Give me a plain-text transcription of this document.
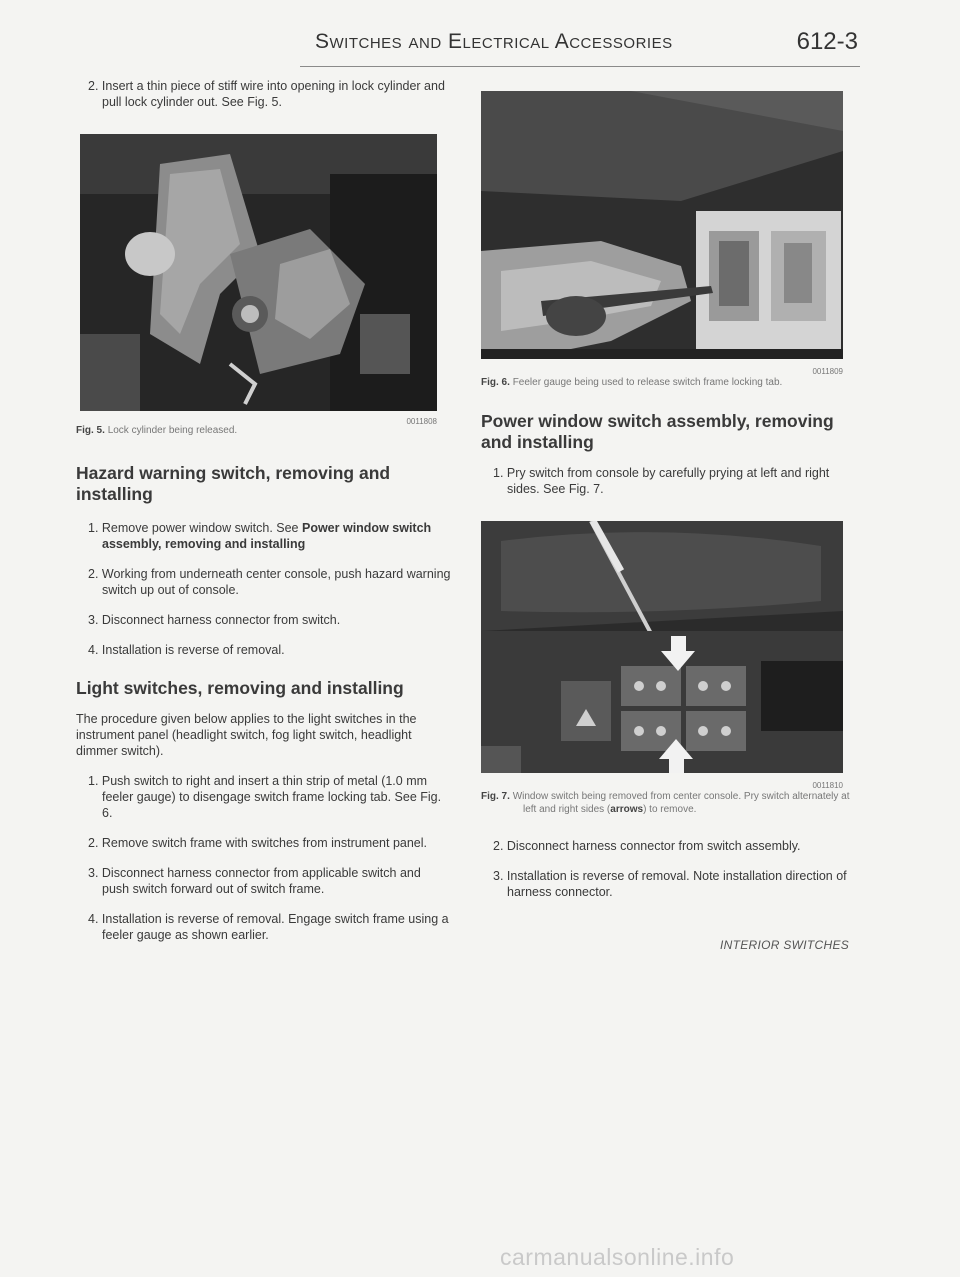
Switches and Electrical Accessories	612-3

2. Insert a thin piece of stiff wire into opening in lock cylinder and pull lock cylinder out. See Fig. 5.

0011808
Fig. 5. Lock cylinder being released.
Hazard warning switch, removing and installing

1. Remove power window switch. See Power window switch assembly, removing and installing

2. Working from underneath center console, push hazard warning switch up out of console.

3. Disconnect harness connector from switch.

4. Installation is reverse of removal.

Light switches, removing and installing

The procedure given below applies to the light switches in the instrument panel (headlight switch, fog light switch, headlight dimmer switch).

1. Push switch to right and insert a thin strip of metal (1.0 mm feeler gauge) to disengage switch frame locking tab. See Fig. 6.

2. Remove switch frame with switches from instrument panel.

3. Disconnect harness connector from applicable switch and push switch forward out of switch frame.

4. Installation is reverse of removal. Engage switch frame using a feeler gauge as shown earlier.

0011809
Fig. 6. Feeler gauge being used to release switch frame locking tab.
Power window switch assembly, removing and installing

1. Pry switch from console by carefully prying at left and right sides. See Fig. 7.

0011810
Fig. 7. Window switch being removed from center console. Pry switch alternately at left and right sides (arrows) to remove.

2. Disconnect harness connector from switch assembly.

3. Installation is reverse of removal. Note installation direction of harness connector.

INTERIOR SWITCHES
carmanualsonline.info
